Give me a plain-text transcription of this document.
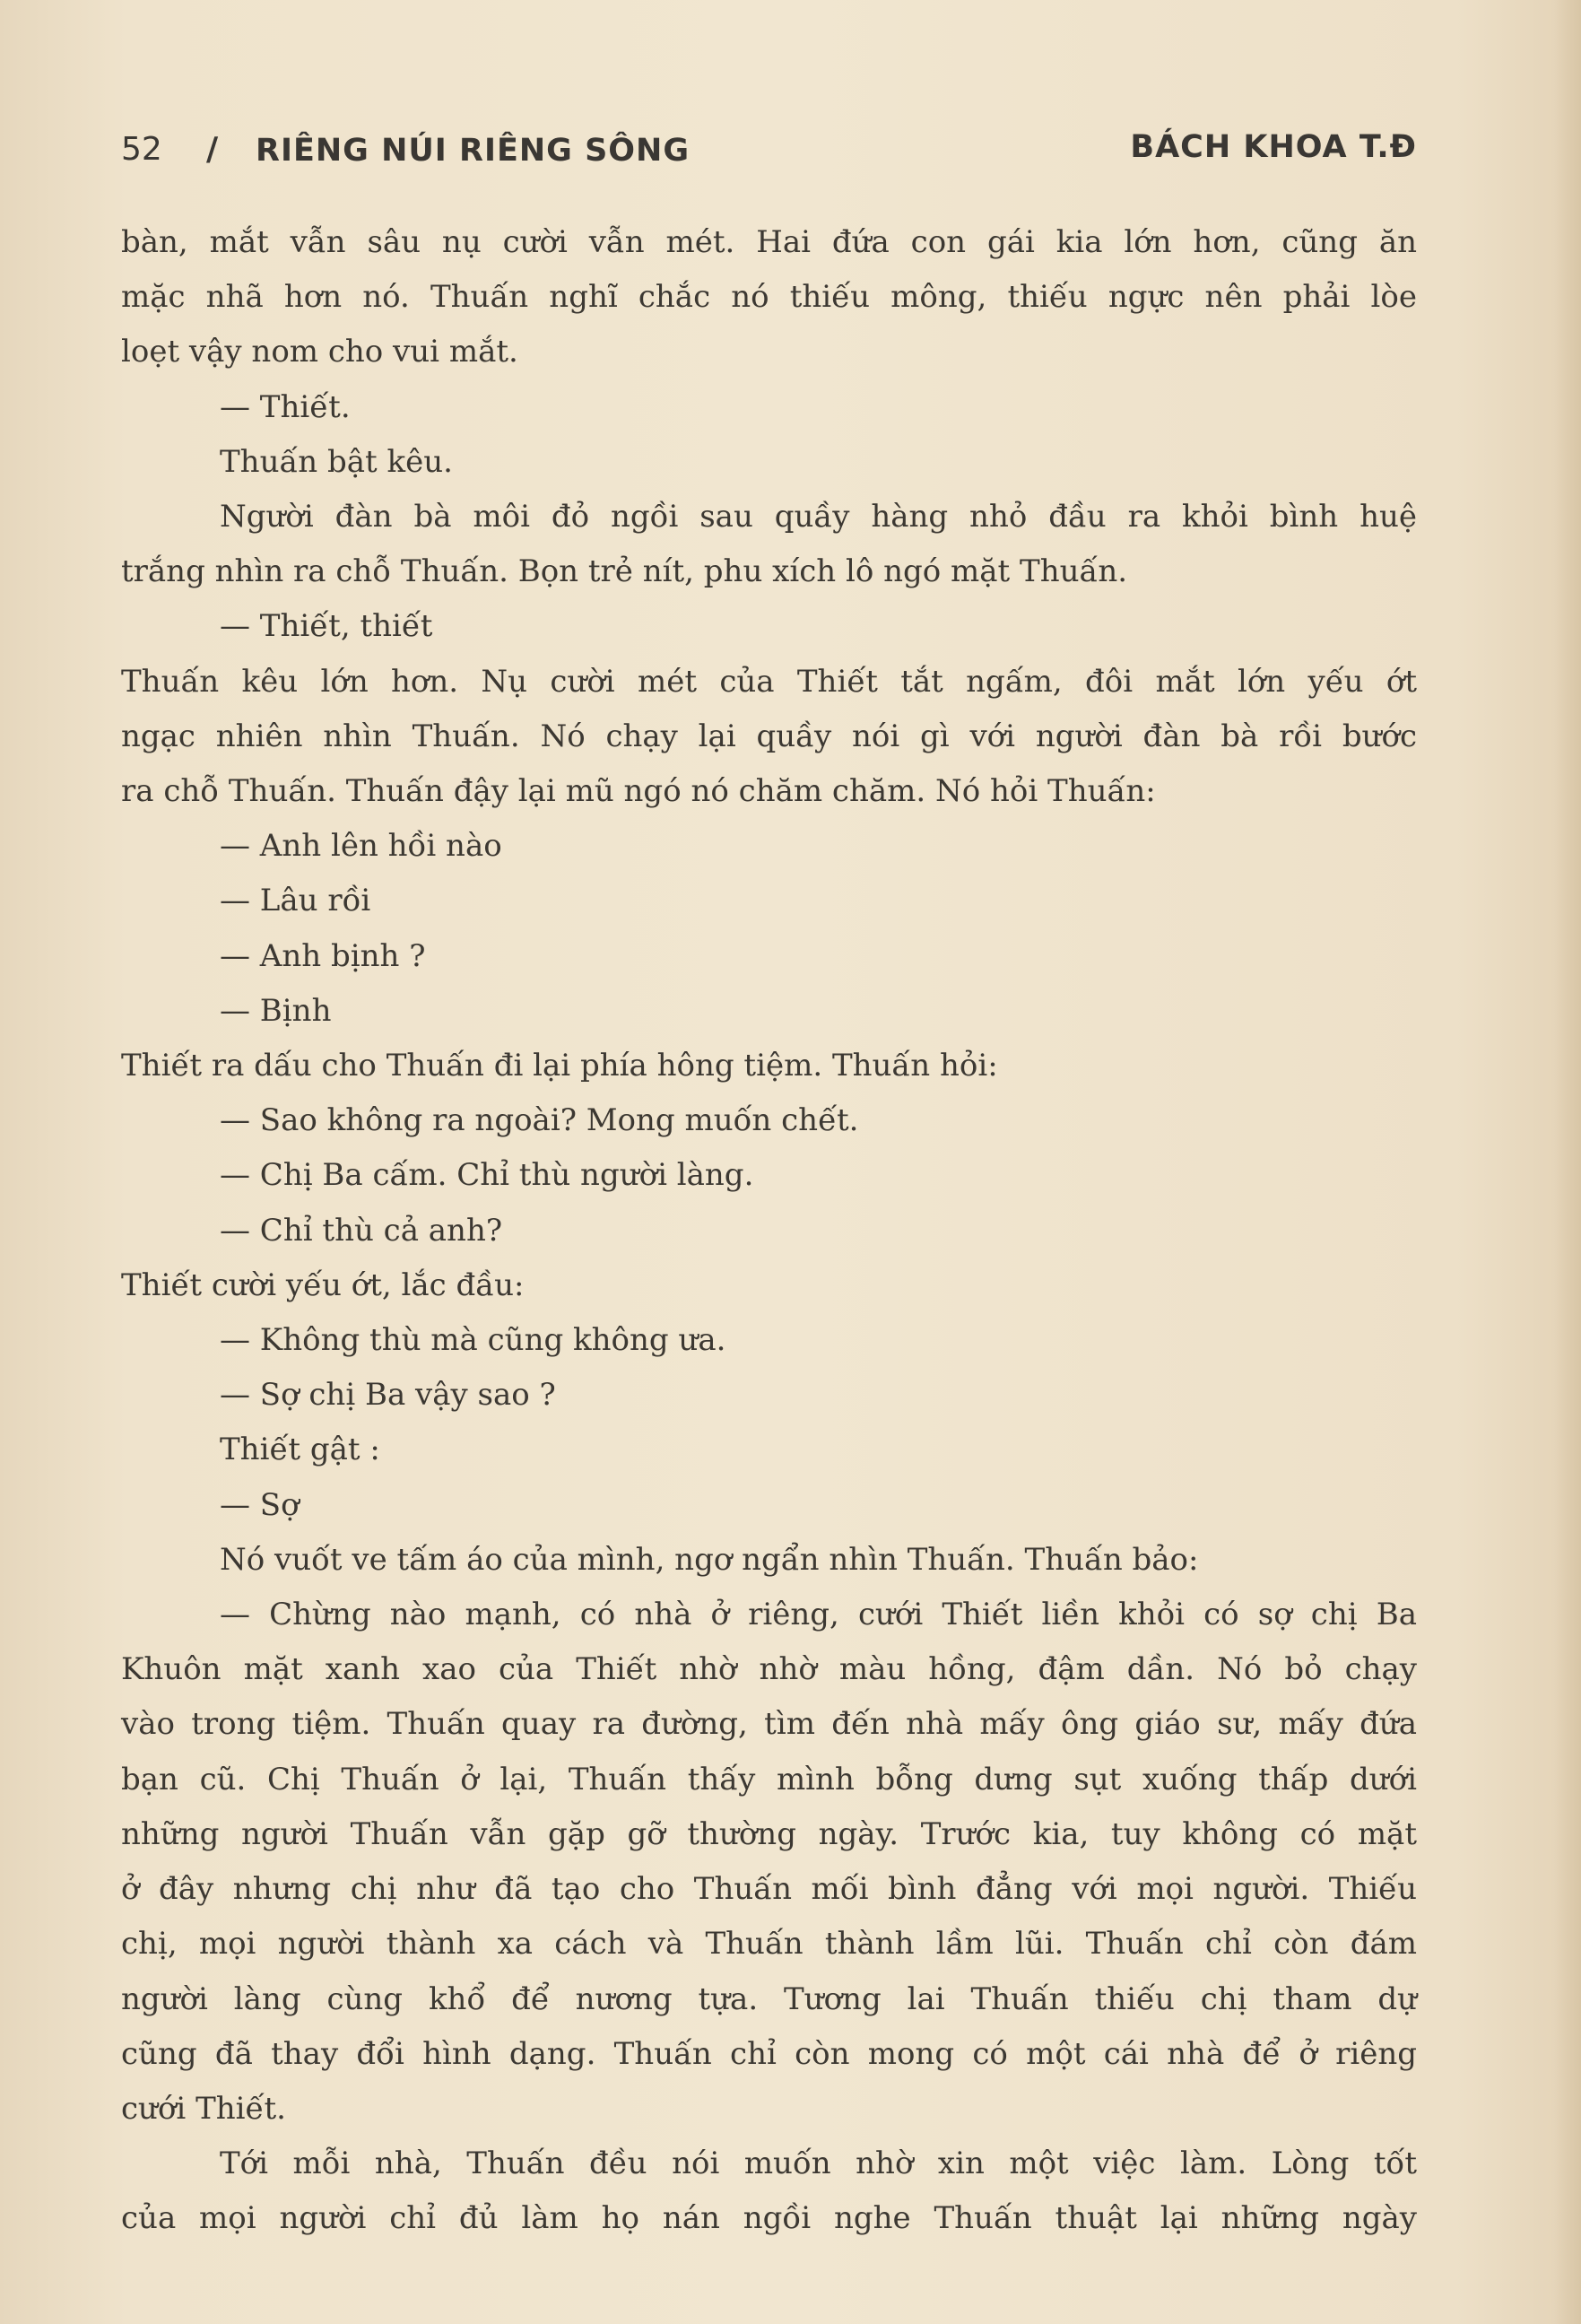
52 / RIÊNG NÚI RIÊNG SÔNG	BÁCH KHOA T.Đ
bàn, mắt vẫn sâu nụ cười vẫn mét. Hai đứa con gái kia lớn hơn, cũng ăn
mặc nhã hơn nó. Thuấn nghĩ chắc nó thiếu mông, thiếu ngực nên phải lòe
loẹt vậy nom cho vui mắt.
— Thiết.
Thuấn bật kêu.
Người đàn bà môi đỏ ngồi sau quầy hàng nhỏ đầu ra khỏi bình huệ
trắng nhìn ra chỗ Thuấn. Bọn trẻ nít, phu xích lô ngó mặt Thuấn.
— Thiết, thiết
Thuấn kêu lớn hơn. Nụ cười mét của Thiết tắt ngấm, đôi mắt lớn yếu ớt
ngạc nhiên nhìn Thuấn. Nó chạy lại quầy nói gì với người đàn bà rồi bước
ra chỗ Thuấn. Thuấn đậy lại mũ ngó nó chăm chăm. Nó hỏi Thuấn:
— Anh lên hồi nào
— Lâu rồi
— Anh bịnh ?
— Bịnh
Thiết ra dấu cho Thuấn đi lại phía hông tiệm. Thuấn hỏi:
— Sao không ra ngoài? Mong muốn chết.
— Chị Ba cấm. Chỉ thù người làng.
— Chỉ thù cả anh?
Thiết cười yếu ớt, lắc đầu:
— Không thù mà cũng không ưa.
— Sợ chị Ba vậy sao ?
Thiết gật :
— Sợ
Nó vuốt ve tấm áo của mình, ngơ ngẩn nhìn Thuấn. Thuấn bảo:
— Chừng nào mạnh, có nhà ở riêng, cưới Thiết liền khỏi có sợ chị Ba
Khuôn mặt xanh xao của Thiết nhờ nhờ màu hồng, đậm dần. Nó bỏ chạy
vào trong tiệm. Thuấn quay ra đường, tìm đến nhà mấy ông giáo sư, mấy đứa
bạn cũ. Chị Thuấn ở lại, Thuấn thấy mình bỗng dưng sụt xuống thấp dưới
những người Thuấn vẫn gặp gỡ thường ngày. Trước kia, tuy không có mặt
ở đây nhưng chị như đã tạo cho Thuấn mối bình đẳng với mọi người. Thiếu
chị, mọi người thành xa cách và Thuấn thành lầm lũi. Thuấn chỉ còn đám
người làng cùng khổ để nương tựa. Tương lai Thuấn thiếu chị tham dự
cũng đã thay đổi hình dạng. Thuấn chỉ còn mong có một cái nhà để ở riêng
cưới Thiết.
Tới mỗi nhà, Thuấn đều nói muốn nhờ xin một việc làm. Lòng tốt
của mọi người chỉ đủ làm họ nán ngồi nghe Thuấn thuật lại những ngày
